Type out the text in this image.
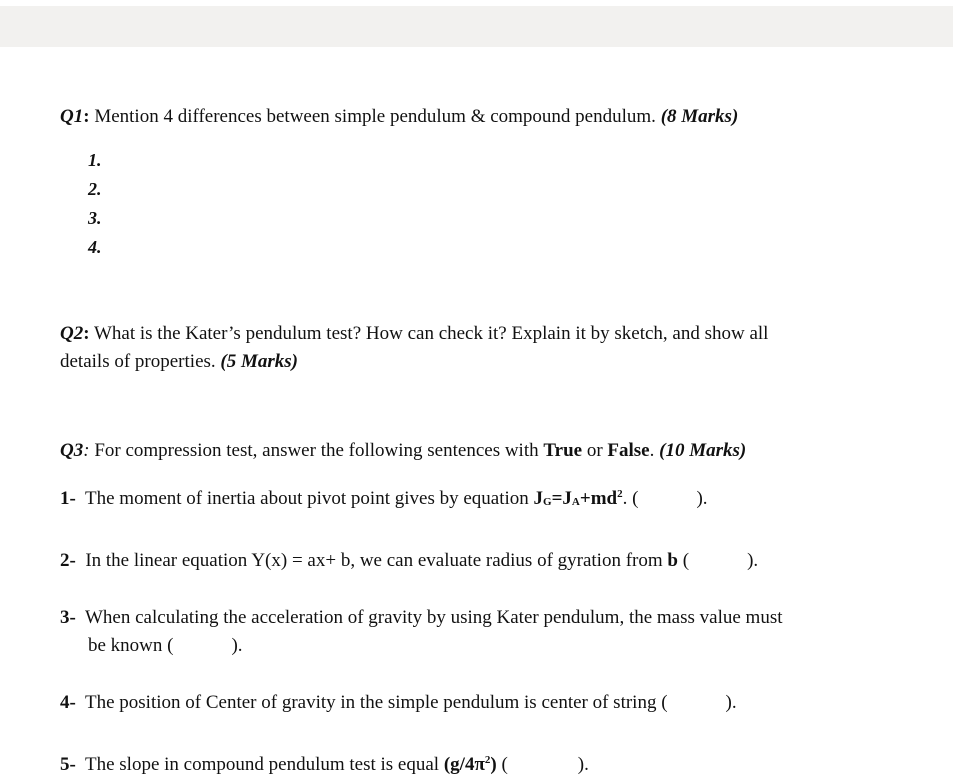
Q1: Mention 4 differences between simple pendulum & compound pendulum. (8 Marks)
1.
2.
3.
4.
Q2: What is the Kater’s pendulum test? How can check it? Explain it by sketch, and show all
details of properties. (5 Marks)
Q3: For compression test, answer the following sentences with True or False. (10 Marks)
1- The moment of inertia about pivot point gives by equation $J_G=J_A+md^2$. (	).
2- In the linear equation Y(x) = ax+ b, we can evaluate radius of gyration from b (	).
3- When calculating the acceleration of gravity by using Kater pendulum, the mass value must
be known (	).
4- The position of Center of gravity in the simple pendulum is center of string (	).
5- The slope in compound pendulum test is equal $(g/4\pi^2)$ (	).
